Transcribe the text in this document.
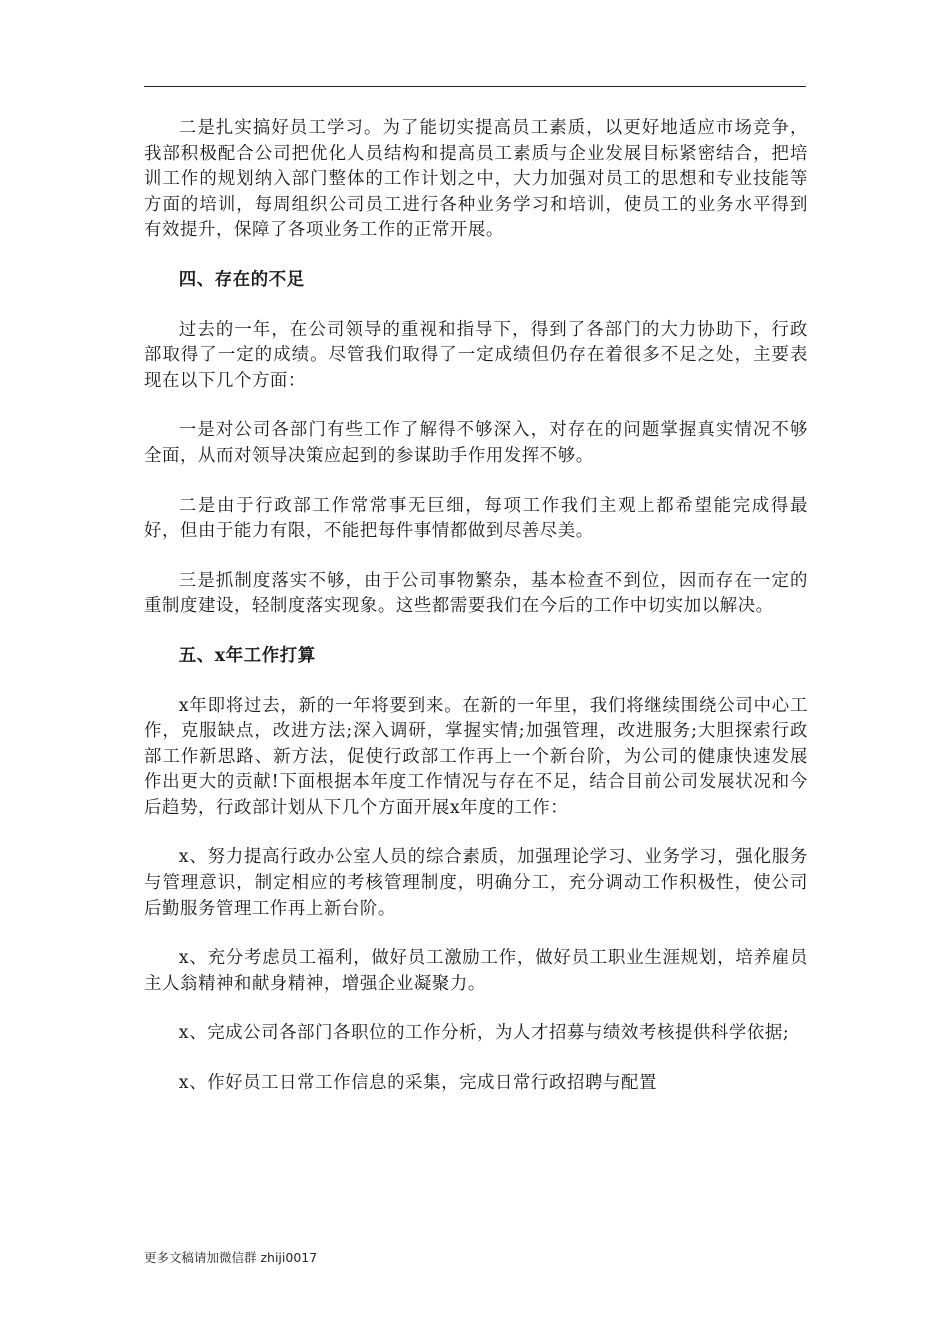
二是扎实搞好员工学习。为了能切实提高员工素质，以更好地适应市场竞争，我部积极配合公司把优化人员结构和提高员工素质与企业发展目标紧密结合，把培训工作的规划纳入部门整体的工作计划之中，大力加强对员工的思想和专业技能等方面的培训，每周组织公司员工进行各种业务学习和培训，使员工的业务水平得到有效提升，保障了各项业务工作的正常开展。

四、存在的不足

过去的一年，在公司领导的重视和指导下，得到了各部门的大力协助下，行政部取得了一定的成绩。尽管我们取得了一定成绩但仍存在着很多不足之处，主要表现在以下几个方面：

一是对公司各部门有些工作了解得不够深入，对存在的问题掌握真实情况不够全面，从而对领导决策应起到的参谋助手作用发挥不够。

二是由于行政部工作常常事无巨细，每项工作我们主观上都希望能完成得最好，但由于能力有限，不能把每件事情都做到尽善尽美。

三是抓制度落实不够，由于公司事物繁杂，基本检查不到位，因而存在一定的重制度建设，轻制度落实现象。这些都需要我们在今后的工作中切实加以解决。

五、x年工作打算

x年即将过去，新的一年将要到来。在新的一年里，我们将继续围绕公司中心工作，克服缺点，改进方法;深入调研，掌握实情;加强管理，改进服务;大胆探索行政部工作新思路、新方法，促使行政部工作再上一个新台阶，为公司的健康快速发展作出更大的贡献!下面根据本年度工作情况与存在不足，结合目前公司发展状况和今后趋势，行政部计划从下几个方面开展x年度的工作：

x、努力提高行政办公室人员的综合素质，加强理论学习、业务学习，强化服务与管理意识，制定相应的考核管理制度，明确分工，充分调动工作积极性，使公司后勤服务管理工作再上新台阶。

x、充分考虑员工福利，做好员工激励工作，做好员工职业生涯规划，培养雇员主人翁精神和献身精神，增强企业凝聚力。

x、完成公司各部门各职位的工作分析，为人才招募与绩效考核提供科学依据;

x、作好员工日常工作信息的采集，完成日常行政招聘与配置

更多文稿请加微信群 zhiji0017
